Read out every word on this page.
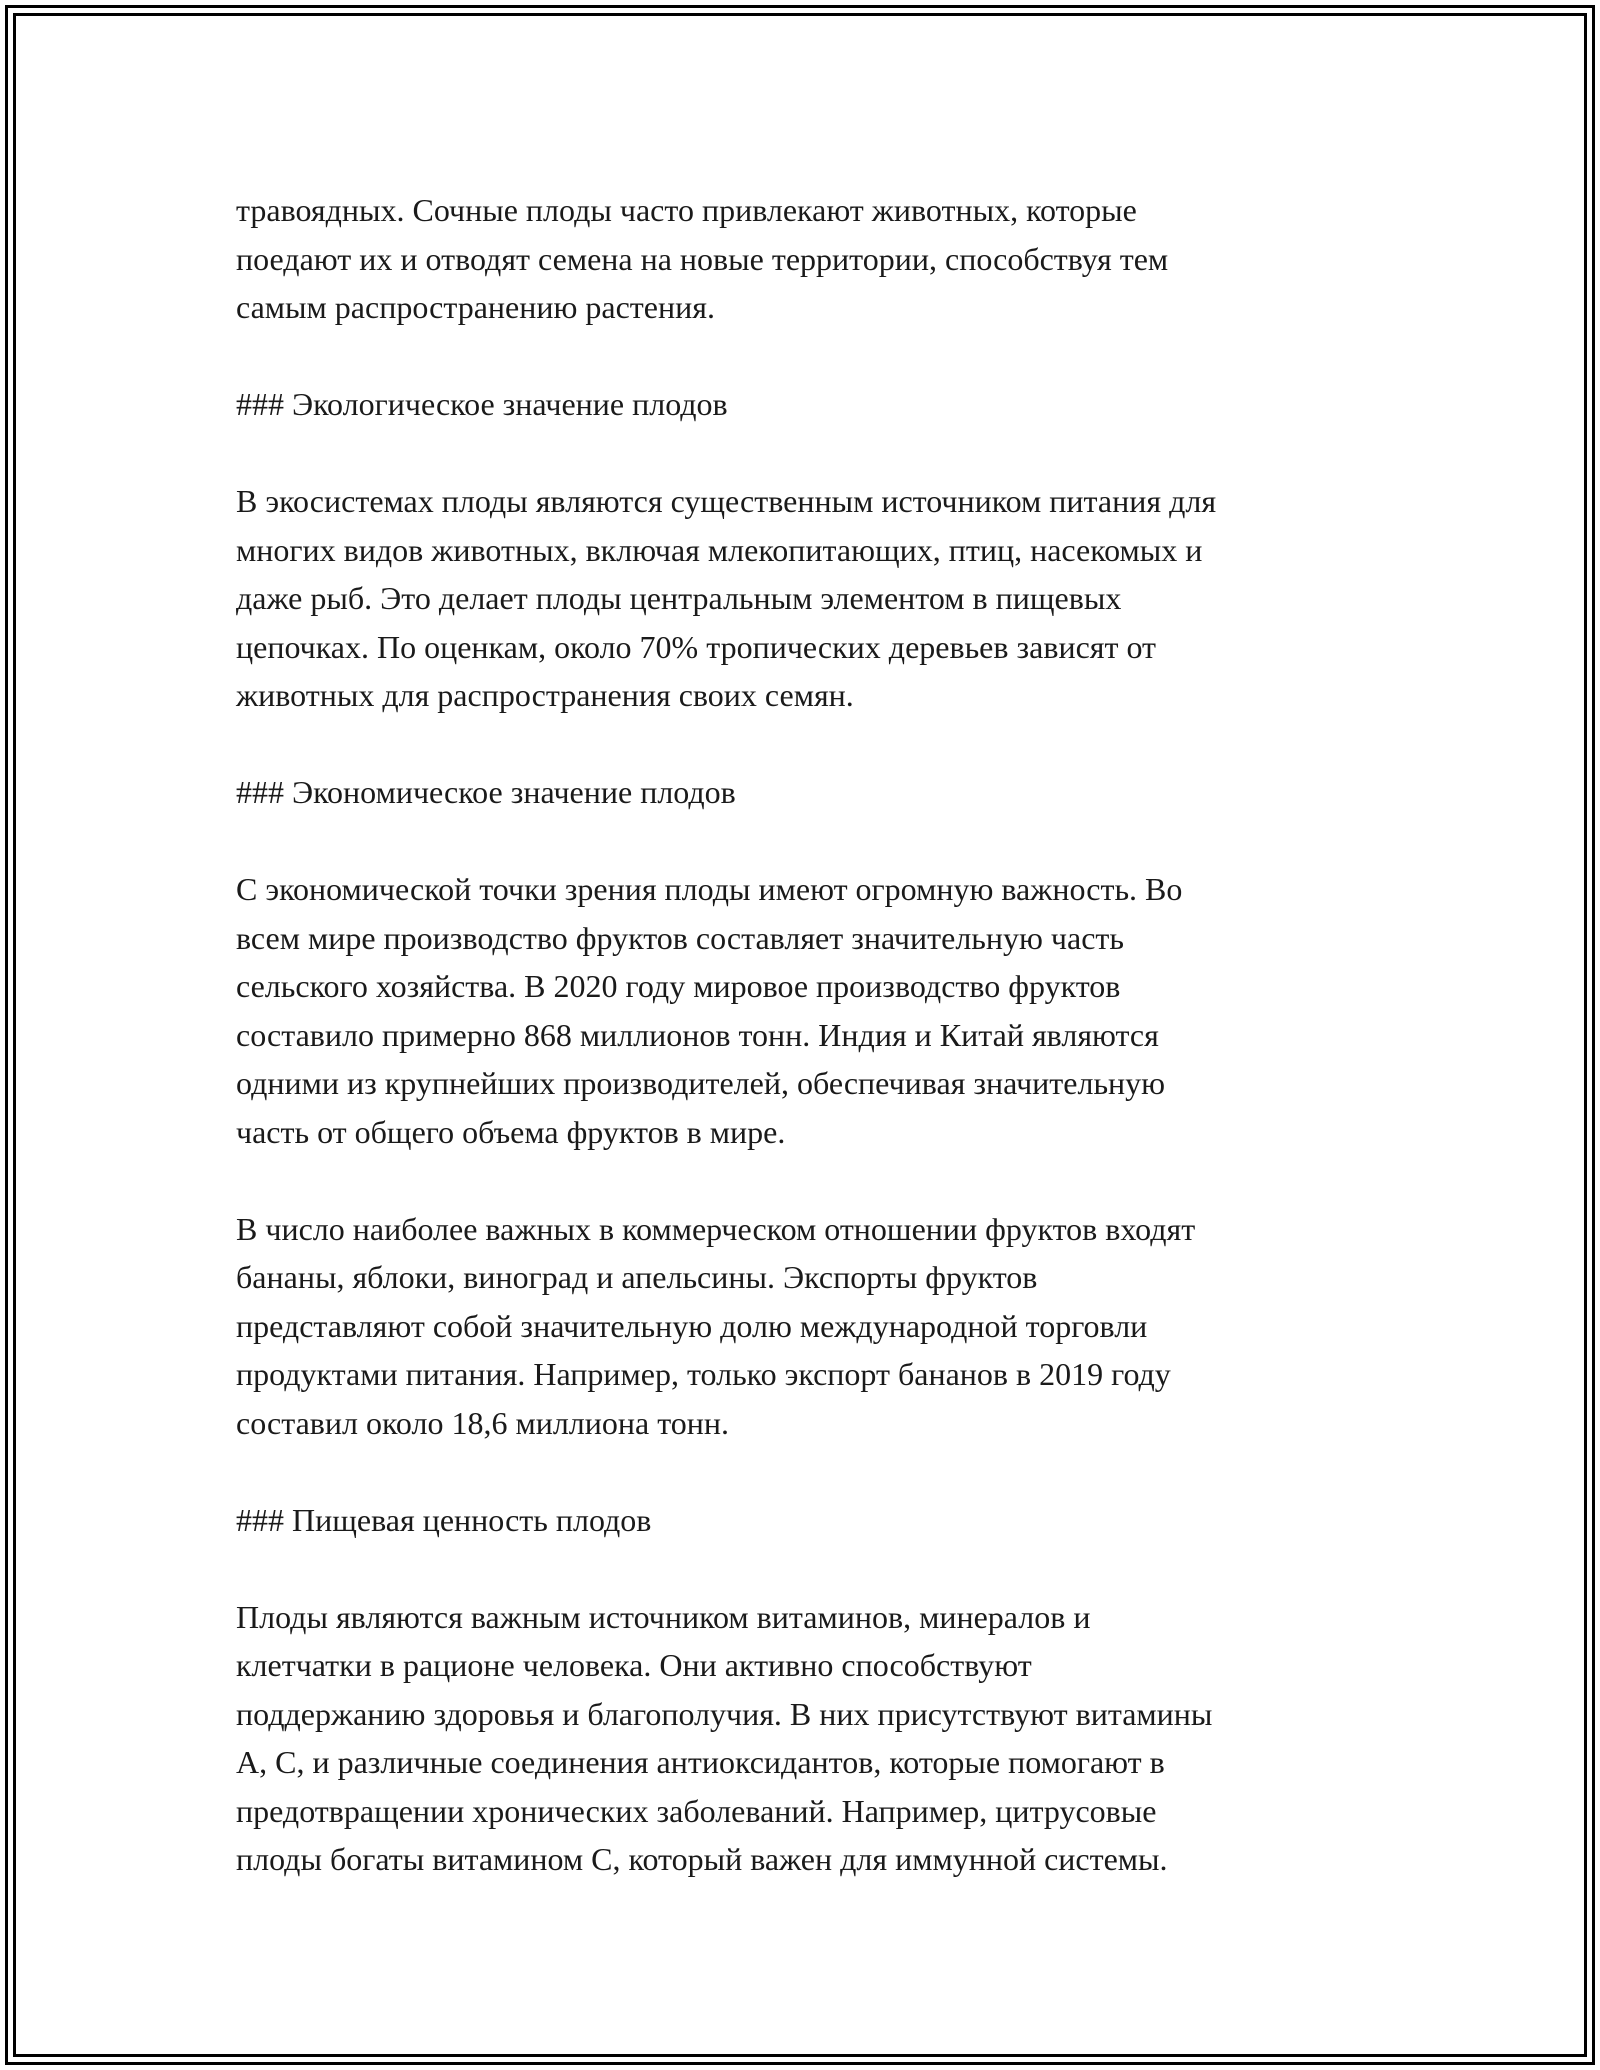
травоядных. Сочные плоды часто привлекают животных, которые
поедают их и отводят семена на новые территории, способствуя тем
самым распространению растения.

### Экологическое значение плодов

В экосистемах плоды являются существенным источником питания для
многих видов животных, включая млекопитающих, птиц, насекомых и
даже рыб. Это делает плоды центральным элементом в пищевых
цепочках. По оценкам, около 70% тропических деревьев зависят от
животных для распространения своих семян.

### Экономическое значение плодов

С экономической точки зрения плоды имеют огромную важность. Во
всем мире производство фруктов составляет значительную часть
сельского хозяйства. В 2020 году мировое производство фруктов
составило примерно 868 миллионов тонн. Индия и Китай являются
одними из крупнейших производителей, обеспечивая значительную
часть от общего объема фруктов в мире.

В число наиболее важных в коммерческом отношении фруктов входят
бананы, яблоки, виноград и апельсины. Экспорты фруктов
представляют собой значительную долю международной торговли
продуктами питания. Например, только экспорт бананов в 2019 году
составил около 18,6 миллиона тонн.

### Пищевая ценность плодов

Плоды являются важным источником витаминов, минералов и
клетчатки в рационе человека. Они активно способствуют
поддержанию здоровья и благополучия. В них присутствуют витамины
А, С, и различные соединения антиоксидантов, которые помогают в
предотвращении хронических заболеваний. Например, цитрусовые
плоды богаты витамином С, который важен для иммунной системы.
